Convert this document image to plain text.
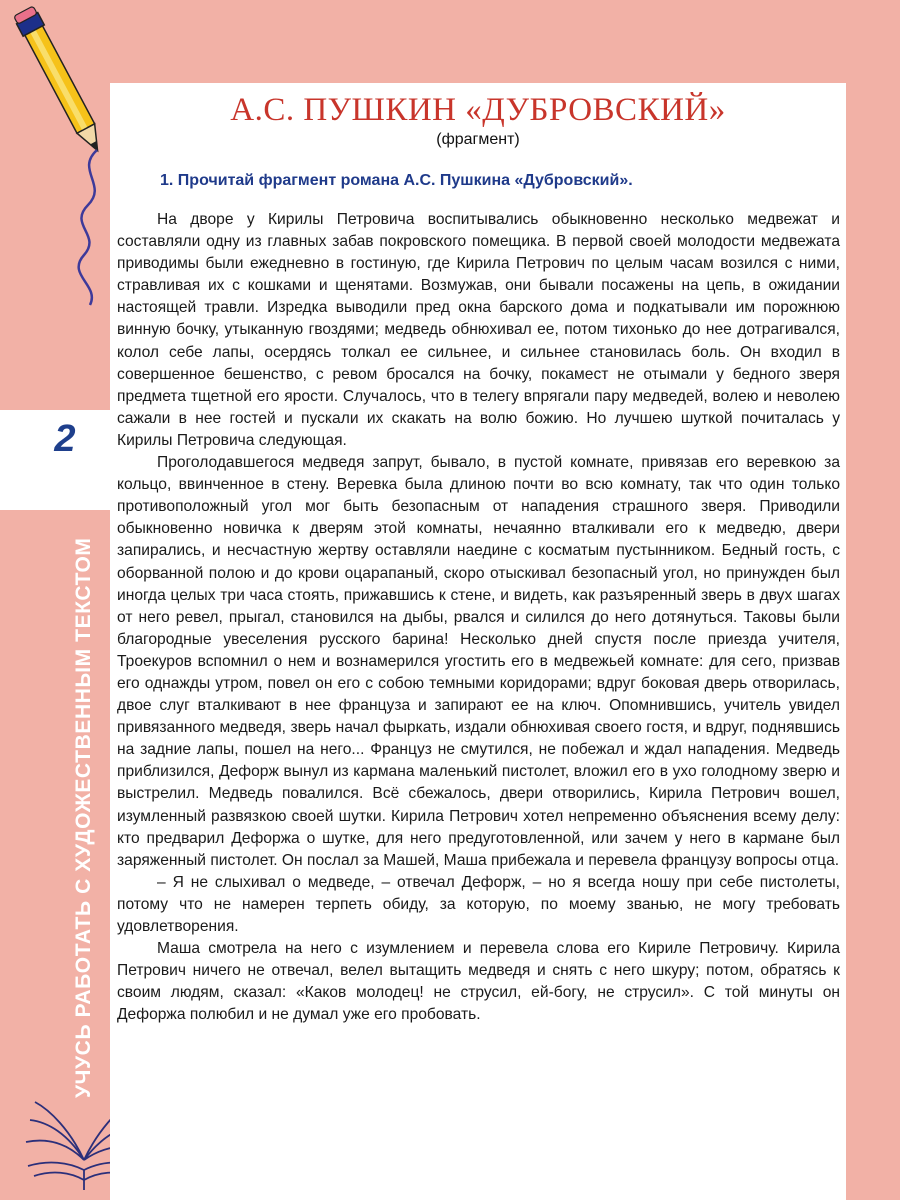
2
УЧУСЬ РАБОТАТЬ С ХУДОЖЕСТВЕННЫМ ТЕКСТОМ
А.С. ПУШКИН «ДУБРОВСКИЙ»
(фрагмент)
1. Прочитай фрагмент романа А.С. Пушкина «Дубровский».

На дворе у Кирилы Петровича воспитывались обыкновенно несколько медвежат и составляли одну из главных забав покровского помещика. В первой своей молодости медвежата приводимы были ежедневно в гостиную, где Кирила Петрович по целым часам возился с ними, стравливая их с кошками и щенятами. Возмужав, они бывали посажены на цепь, в ожидании настоящей травли. Изредка выводили пред окна барского дома и подкатывали им порожнюю винную бочку, утыканную гвоздями; медведь обнюхивал ее, потом тихонько до нее дотрагивался, колол себе лапы, осердясь толкал ее сильнее, и сильнее становилась боль. Он входил в совершенное бешенство, с ревом бросался на бочку, покамест не отымали у бедного зверя предмета тщетной его ярости. Случалось, что в телегу впрягали пару медведей, волею и неволею сажали в нее гостей и пускали их скакать на волю божию. Но лучшею шуткой почиталась у Кирилы Петровича следующая.

Проголодавшегося медведя запрут, бывало, в пустой комнате, привязав его веревкою за кольцо, ввинченное в стену. Веревка была длиною почти во всю комнату, так что один только противоположный угол мог быть безопасным от нападения страшного зверя. Приводили обыкновенно новичка к дверям этой комнаты, нечаянно вталкивали его к медведю, двери запирались, и несчастную жертву оставляли наедине с косматым пустынником. Бедный гость, с оборванной полою и до крови оцарапаный, скоро отыскивал безопасный угол, но принужден был иногда целых три часа стоять, прижавшись к стене, и видеть, как разъяренный зверь в двух шагах от него ревел, прыгал, становился на дыбы, рвался и силился до него дотянуться. Таковы были благородные увеселения русского барина! Несколько дней спустя после приезда учителя, Троекуров вспомнил о нем и вознамерился угостить его в медвежьей комнате: для сего, призвав его однажды утром, повел он его с собою темными коридорами; вдруг боковая дверь отворилась, двое слуг вталкивают в нее француза и запирают ее на ключ. Опомнившись, учитель увидел привязанного медведя, зверь начал фыркать, издали обнюхивая своего гостя, и вдруг, поднявшись на задние лапы, пошел на него... Француз не смутился, не побежал и ждал нападения. Медведь приблизился, Дефорж вынул из кармана маленький пистолет, вложил его в ухо голодному зверю и выстрелил. Медведь повалился. Всё сбежалось, двери отворились, Кирила Петрович вошел, изумленный развязкою своей шутки. Кирила Петрович хотел непременно объяснения всему делу: кто предварил Дефоржа о шутке, для него предуготовленной, или зачем у него в кармане был заряженный пистолет. Он послал за Машей, Маша прибежала и перевела французу вопросы отца.

– Я не слыхивал о медведе, – отвечал Дефорж, – но я всегда ношу при себе пистолеты, потому что не намерен терпеть обиду, за которую, по моему званью, не могу требовать удовлетворения.

Маша смотрела на него с изумлением и перевела слова его Кириле Петровичу. Кирила Петрович ничего не отвечал, велел вытащить медведя и снять с него шкуру; потом, обратясь к своим людям, сказал: «Каков молодец! не струсил, ей-богу, не струсил». С той минуты он Дефоржа полюбил и не думал уже его пробовать.
